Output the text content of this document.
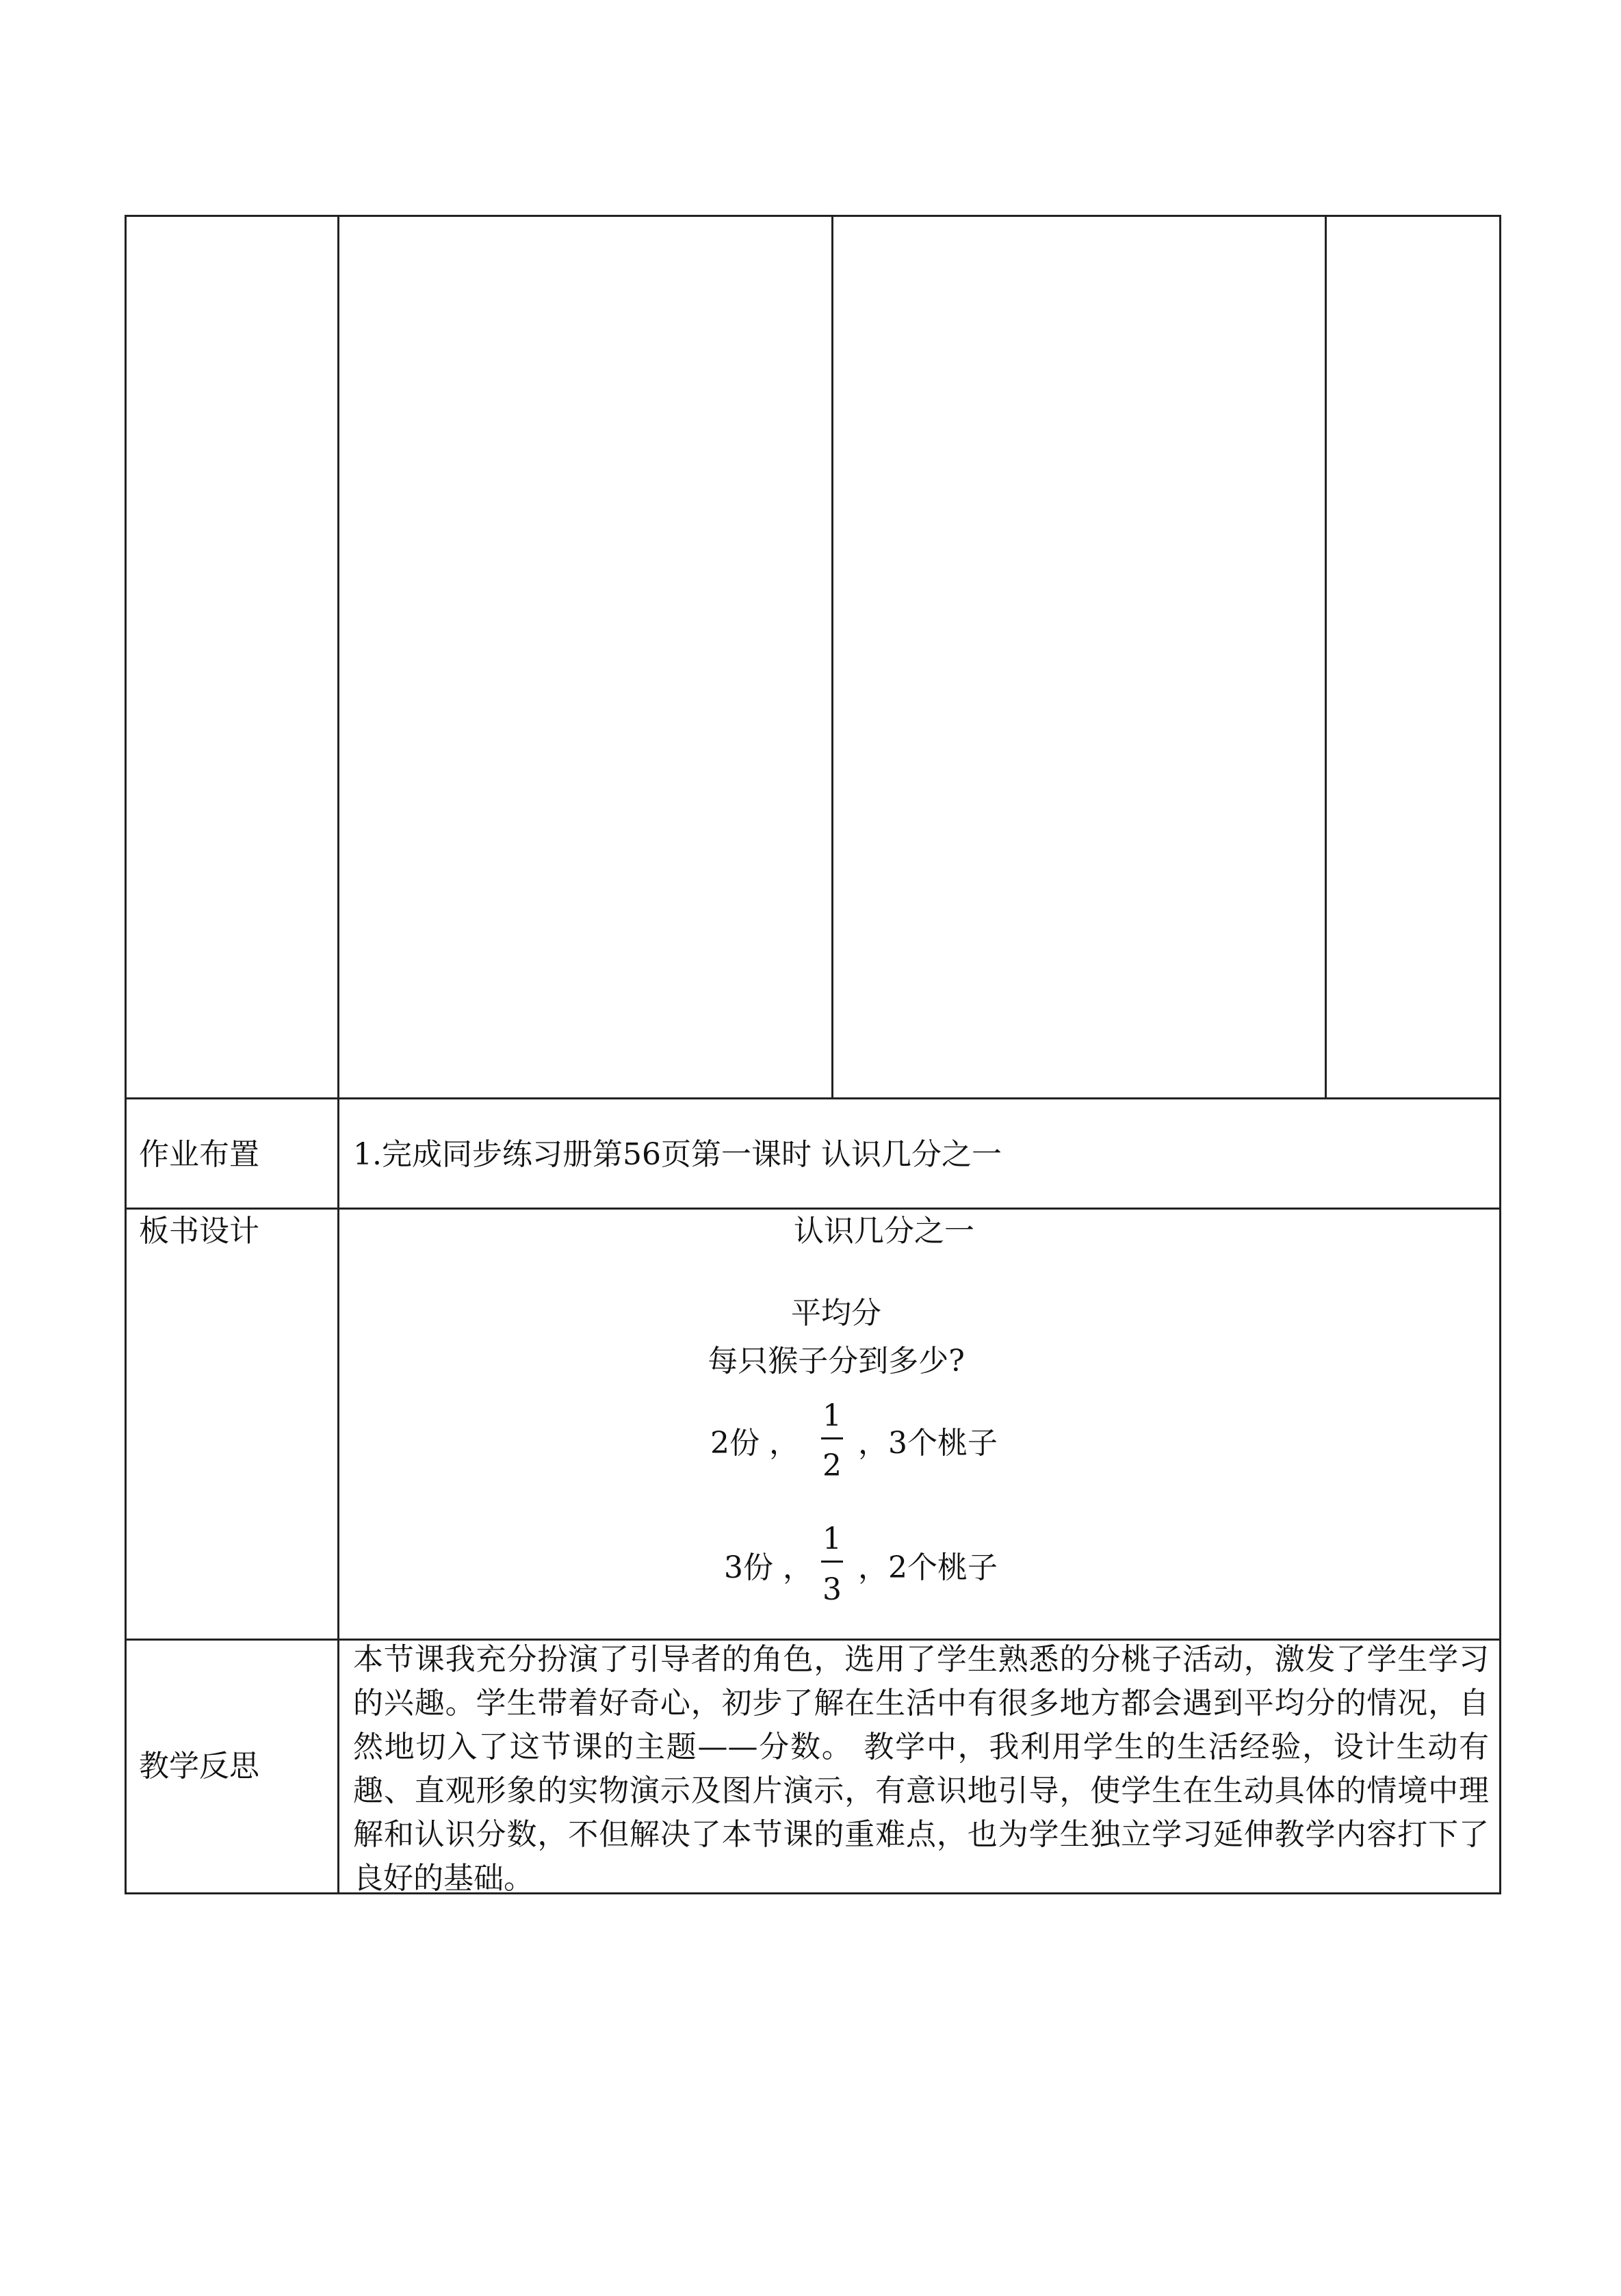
作业布置	1.完成同步练习册第56页第一课时 认识几分之一
板书设计	认识几分之一
平均分
每只猴子分到多少?
2份 ，
1
2
，3个桃子
3份 ，
1
3
，2个桃子
教学反思

本节课我充分扮演了引导者的角色，选用了学生熟悉的分桃子活动，激发了学生学习的兴趣。学生带着好奇心，初步了解在生活中有很多地方都会遇到平均分的情况，自然地切入了这节课的主题——分数。 教学中，我利用学生的生活经验，设计生动有趣、直观形象的实物演示及图片演示，有意识地引导，使学生在生动具体的情境中理解和认识分数，不但解决了本节课的重难点，也为学生独立学习延伸教学内容打下了良好的基础。
